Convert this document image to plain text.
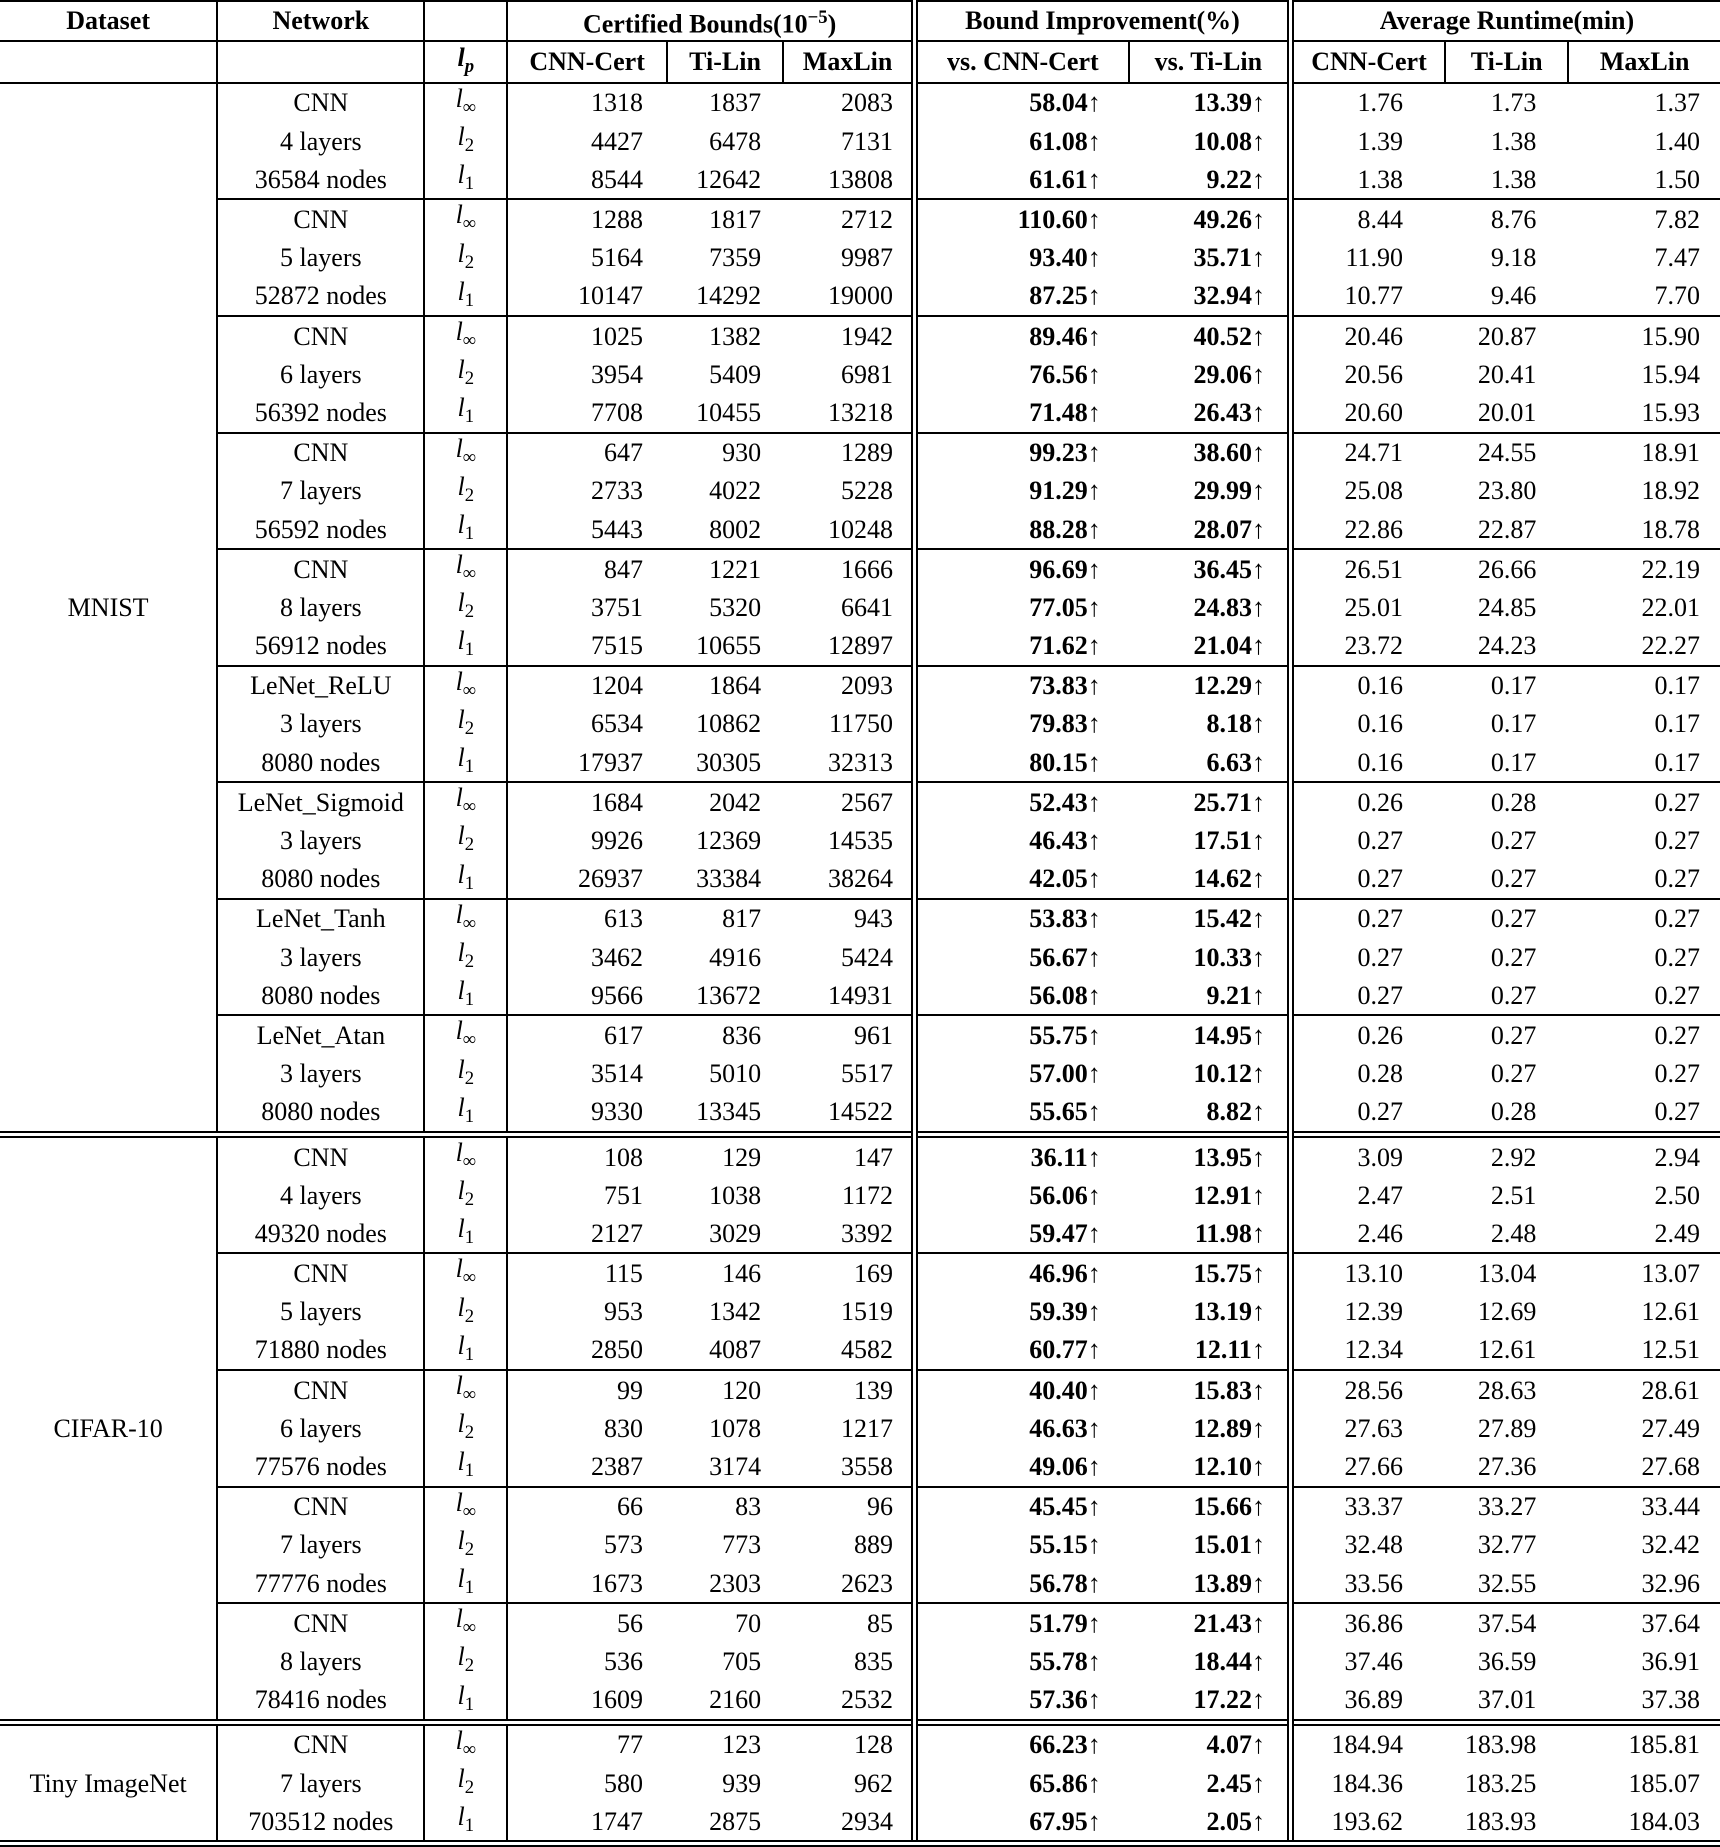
Dataset	Network		Certified $Bounds(10^{-5})$			Bound Improvement(%)		Average Runtime(min)		
		$l_p$	CNN-Cert	Ti-Lin	MaxLin	vs. CNN-Cert	vs. Ti-Lin	CNN-Cert	Ti-Lin	MaxLin
MNIST	CNN	$l_\infty$	1318	1837	2083	58.04↑	13.39↑	1.76	1.73	1.37
	4 layers	$l_2$	4427	6478	7131	61.08↑	10.08↑	1.39	1.38	1.40
	36584 nodes	$l_1$	8544	12642	13808	61.61↑	9.22↑	1.38	1.38	1.50
	CNN	$l_\infty$	1288	1817	2712	110.60↑	49.26↑	8.44	8.76	7.82
	5 layers	$l_2$	5164	7359	9987	93.40↑	35.71↑	11.90	9.18	7.47
	52872 nodes	$l_1$	10147	14292	19000	87.25↑	32.94↑	10.77	9.46	7.70
	CNN	$l_\infty$	1025	1382	1942	89.46↑	40.52↑	20.46	20.87	15.90
	6 layers	$l_2$	3954	5409	6981	76.56↑	29.06↑	20.56	20.41	15.94
	56392 nodes	$l_1$	7708	10455	13218	71.48↑	26.43↑	20.60	20.01	15.93
	CNN	$l_\infty$	647	930	1289	99.23↑	38.60↑	24.71	24.55	18.91
	7 layers	$l_2$	2733	4022	5228	91.29↑	29.99↑	25.08	23.80	18.92
	56592 nodes	$l_1$	5443	8002	10248	88.28↑	28.07↑	22.86	22.87	18.78
	CNN	$l_\infty$	847	1221	1666	96.69↑	36.45↑	26.51	26.66	22.19
	8 layers	$l_2$	3751	5320	6641	77.05↑	24.83↑	25.01	24.85	22.01
	56912 nodes	$l_1$	7515	10655	12897	71.62↑	21.04↑	23.72	24.23	22.27
	LeNet_ReLU	$l_\infty$	1204	1864	2093	73.83↑	12.29↑	0.16	0.17	0.17
	3 layers	$l_2$	6534	10862	11750	79.83↑	8.18↑	0.16	0.17	0.17
	8080 nodes	$l_1$	17937	30305	32313	80.15↑	6.63↑	0.16	0.17	0.17
	LeNet_Sigmoid	$l_\infty$	1684	2042	2567	52.43↑	25.71↑	0.26	0.28	0.27
	3 layers	$l_2$	9926	12369	14535	46.43↑	17.51↑	0.27	0.27	0.27
	8080 nodes	$l_1$	26937	33384	38264	42.05↑	14.62↑	0.27	0.27	0.27
	LeNet_Tanh	$l_\infty$	613	817	943	53.83↑	15.42↑	0.27	0.27	0.27
	3 layers	$l_2$	3462	4916	5424	56.67↑	10.33↑	0.27	0.27	0.27
	8080 nodes	$l_1$	9566	13672	14931	56.08↑	9.21↑	0.27	0.27	0.27
	LeNet_Atan	$l_\infty$	617	836	961	55.75↑	14.95↑	0.26	0.27	0.27
	3 layers	$l_2$	3514	5010	5517	57.00↑	10.12↑	0.28	0.27	0.27
	8080 nodes	$l_1$	9330	13345	14522	55.65↑	8.82↑	0.27	0.28	0.27
CIFAR-10	CNN	$l_\infty$	108	129	147	36.11↑	13.95↑	3.09	2.92	2.94
	4 layers	$l_2$	751	1038	1172	56.06↑	12.91↑	2.47	2.51	2.50
	49320 nodes	$l_1$	2127	3029	3392	59.47↑	11.98↑	2.46	2.48	2.49
	CNN	$l_\infty$	115	146	169	46.96↑	15.75↑	13.10	13.04	13.07
	5 layers	$l_2$	953	1342	1519	59.39↑	13.19↑	12.39	12.69	12.61
	71880 nodes	$l_1$	2850	4087	4582	60.77↑	12.11↑	12.34	12.61	12.51
	CNN	$l_\infty$	99	120	139	40.40↑	15.83↑	28.56	28.63	28.61
	6 layers	$l_2$	830	1078	1217	46.63↑	12.89↑	27.63	27.89	27.49
	77576 nodes	$l_1$	2387	3174	3558	49.06↑	12.10↑	27.66	27.36	27.68
	CNN	$l_\infty$	66	83	96	45.45↑	15.66↑	33.37	33.27	33.44
	7 layers	$l_2$	573	773	889	55.15↑	15.01↑	32.48	32.77	32.42
	77776 nodes	$l_1$	1673	2303	2623	56.78↑	13.89↑	33.56	32.55	32.96
	CNN	$l_\infty$	56	70	85	51.79↑	21.43↑	36.86	37.54	37.64
	8 layers	$l_2$	536	705	835	55.78↑	18.44↑	37.46	36.59	36.91
	78416 nodes	$l_1$	1609	2160	2532	57.36↑	17.22↑	36.89	37.01	37.38
Tiny ImageNet	CNN	$l_\infty$	77	123	128	66.23↑	4.07↑	184.94	183.98	185.81
	7 layers	$l_2$	580	939	962	65.86↑	2.45↑	184.36	183.25	185.07
	703512 nodes	$l_1$	1747	2875	2934	67.95↑	2.05↑	193.62	183.93	184.03
